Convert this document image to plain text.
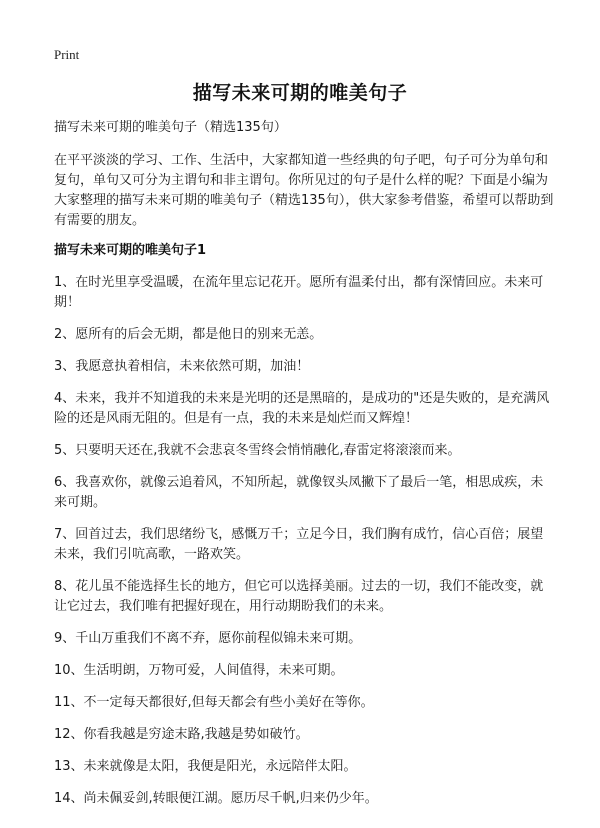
Print
描写未来可期的唯美句子

描写未来可期的唯美句子（精选135句）

在平平淡淡的学习、工作、生活中，大家都知道一些经典的句子吧，句子可分为单句和复句，单句又可分为主谓句和非主谓句。你所见过的句子是什么样的呢？下面是小编为大家整理的描写未来可期的唯美句子（精选135句），供大家参考借鉴，希望可以帮助到有需要的朋友。

描写未来可期的唯美句子1

1、在时光里享受温暖，在流年里忘记花开。愿所有温柔付出，都有深情回应。未来可期！

2、愿所有的后会无期，都是他日的别来无恙。

3、我愿意执着相信，未来依然可期，加油！

4、未来，我并不知道我的未来是光明的还是黑暗的，是成功的"还是失败的，是充满风险的还是风雨无阻的。但是有一点，我的未来是灿烂而又辉煌！

5、只要明天还在,我就不会悲哀冬雪终会悄悄融化,春雷定将滚滚而来。

6、我喜欢你，就像云追着风，不知所起，就像钗头凤撇下了最后一笔，相思成疾，未来可期。

7、回首过去，我们思绪纷飞，感慨万千；立足今日，我们胸有成竹，信心百倍；展望未来，我们引吭高歌，一路欢笑。

8、花儿虽不能选择生长的地方，但它可以选择美丽。过去的一切，我们不能改变，就让它过去，我们唯有把握好现在，用行动期盼我们的未来。

9、千山万重我们不离不弃，愿你前程似锦未来可期。

10、生活明朗，万物可爱，人间值得，未来可期。

11、不一定每天都很好,但每天都会有些小美好在等你。

12、你看我越是穷途末路,我越是势如破竹。

13、未来就像是太阳，我便是阳光，永远陪伴太阳。

14、尚未佩妥剑,转眼便江湖。愿历尽千帆,归来仍少年。
